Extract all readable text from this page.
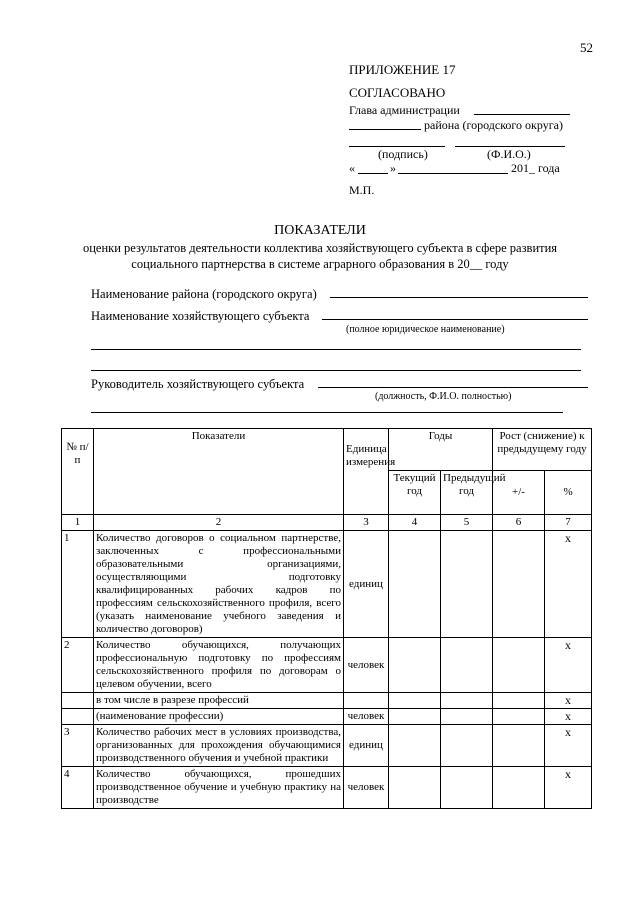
52
ПРИЛОЖЕНИЕ 17
СОГЛАСОВАНО
Глава администрации
района (городского округа)
(подпись)	(Ф.И.О.)
«	»	201_ года
М.П.
ПОКАЗАТЕЛИ
оценки результатов деятельности коллектива хозяйствующего субъекта в сфере развития
социального партнерства в системе аграрного образования в 20__ году
Наименование района (городского округа)
Наименование хозяйствующего субъекта
(полное юридическое наименование)
Руководитель хозяйствующего субъекта
(должность, Ф.И.О. полностью)
№ п/п	Показатели	Единица измерения	Годы		Рост (снижение) к предыдущему году	
			Текущий год	Предыдущий год	+/-	%
1	2	3	4	5	6	7
1	Количество договоров о социальном партнерстве, заключенных с профессиональными образовательными организациями, осуществляющими подготовку квалифицированных рабочих кадров по профессиям сельскохозяйственного профиля, всего (указать наименование учебного заведения и количество договоров)	единиц				х
2	Количество обучающихся, получающих профессиональную подготовку по профессиям сельскохозяйственного профиля по договорам о целевом обучении, всего	человек				х
	в том числе в разрезе профессий					х
	(наименование профессии)	человек				х
3	Количество рабочих мест в условиях производства, организованных для прохождения обучающимися производственного обучения и учебной практики	единиц				х
4	Количество обучающихся, прошедших производственное обучение и учебную практику на производстве	человек				х
